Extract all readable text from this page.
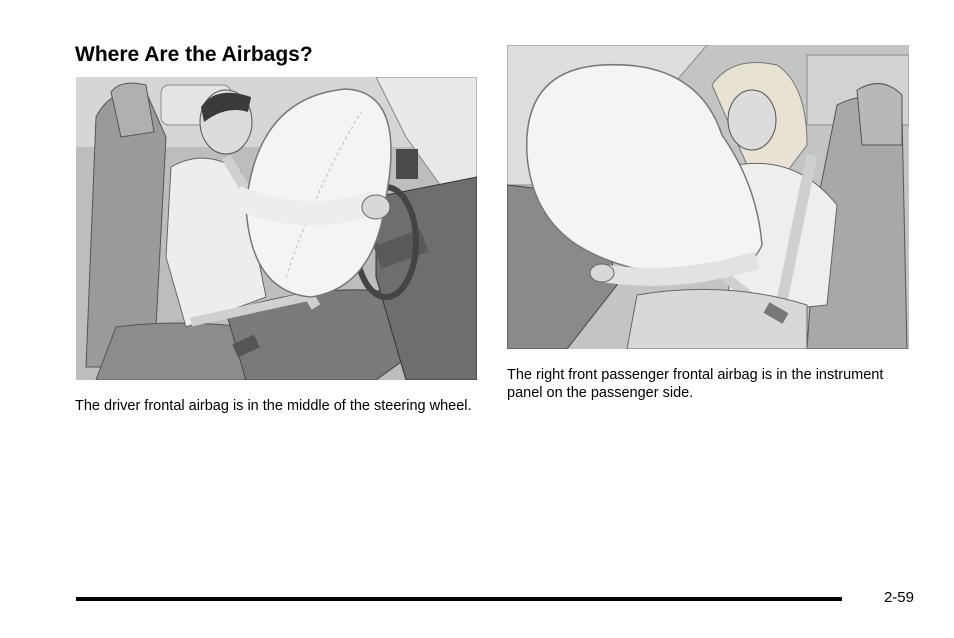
Where Are the Airbags?

The driver frontal airbag is in the middle of the steering wheel.

The right front passenger frontal airbag is in the instrument panel on the passenger side.

2-59
